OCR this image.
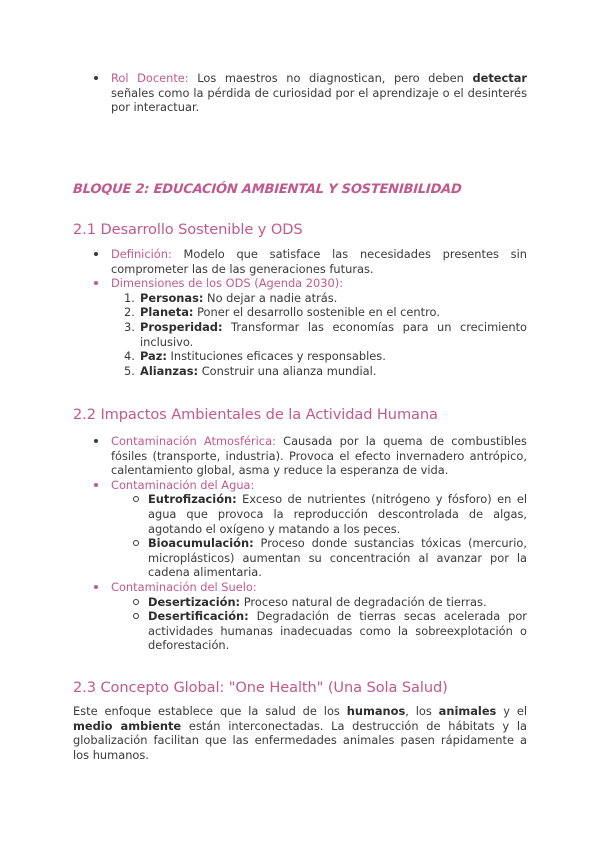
Rol Docente: Los maestros no diagnostican, pero deben detectar señales como la pérdida de curiosidad por el aprendizaje o el desinterés por interactuar.
BLOQUE 2: EDUCACIÓN AMBIENTAL Y SOSTENIBILIDAD
2.1 Desarrollo Sostenible y ODS
Definición: Modelo que satisface las necesidades presentes sin comprometer las de las generaciones futuras.
Dimensiones de los ODS (Agenda 2030):
1. Personas: No dejar a nadie atrás.
2. Planeta: Poner el desarrollo sostenible en el centro.
3. Prosperidad: Transformar las economías para un crecimiento inclusivo.
4. Paz: Instituciones eficaces y responsables.
5. Alianzas: Construir una alianza mundial.
2.2 Impactos Ambientales de la Actividad Humana
Contaminación Atmosférica: Causada por la quema de combustibles fósiles (transporte, industria). Provoca el efecto invernadero antrópico, calentamiento global, asma y reduce la esperanza de vida.
Contaminación del Agua:
Eutrofización: Exceso de nutrientes (nitrógeno y fósforo) en el agua que provoca la reproducción descontrolada de algas, agotando el oxígeno y matando a los peces.
Bioacumulación: Proceso donde sustancias tóxicas (mercurio, microplásticos) aumentan su concentración al avanzar por la cadena alimentaria.
Contaminación del Suelo:
Desertización: Proceso natural de degradación de tierras.
Desertificación: Degradación de tierras secas acelerada por actividades humanas inadecuadas como la sobreexplotación o deforestación.
2.3 Concepto Global: "One Health" (Una Sola Salud)
Este enfoque establece que la salud de los humanos, los animales y el medio ambiente están interconectadas. La destrucción de hábitats y la globalización facilitan que las enfermedades animales pasen rápidamente a los humanos.
